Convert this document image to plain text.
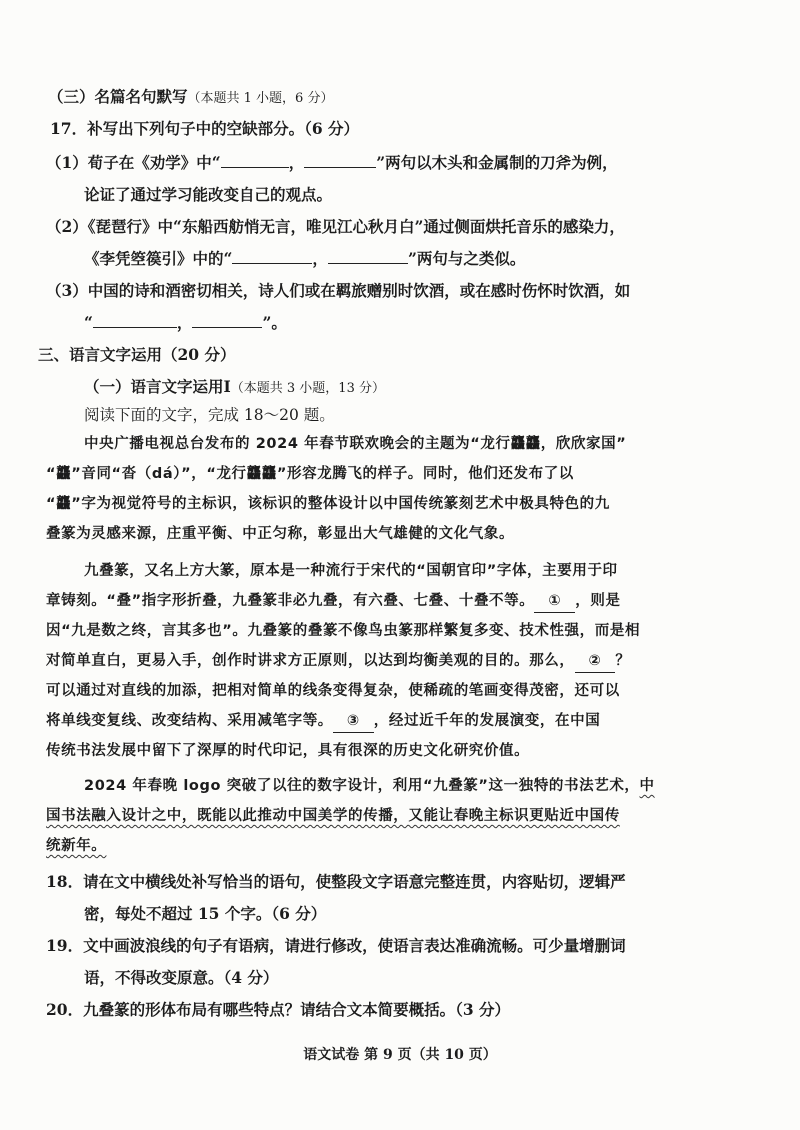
（三）名篇名句默写（本题共 1 小题，6 分）
17．补写出下列句子中的空缺部分。（6 分）
（1）荀子在《劝学》中“	，	”两句以木头和金属制的刀斧为例，
论证了通过学习能改变自己的观点。
（2）《琵琶行》中“东船西舫悄无言，唯见江心秋月白”通过侧面烘托音乐的感染力，
《李凭箜篌引》中的“	，	”两句与之类似。
（3）中国的诗和酒密切相关，诗人们或在羁旅赠别时饮酒，或在感时伤怀时饮酒，如
“	，	”。
三、语言文字运用（20 分）
（一）语言文字运用Ⅰ（本题共 3 小题，13 分）
阅读下面的文字，完成 18～20 题。
中央广播电视总台发布的 2024 年春节联欢晚会的主题为“龙行龘龘，欣欣家国”
“龘”音同“沓（dá）”，“龙行龘龘”形容龙腾飞的样子。同时，他们还发布了以
“龘”字为视觉符号的主标识，该标识的整体设计以中国传统篆刻艺术中极具特色的九
叠篆为灵感来源，庄重平衡、中正匀称，彰显出大气雄健的文化气象。
九叠篆，又名上方大篆，原本是一种流行于宋代的“国朝官印”字体，主要用于印
章铸刻。“叠”指字形折叠，九叠篆非必九叠，有六叠、七叠、十叠不等。 ① ，则是
因“九是数之终，言其多也”。九叠篆的叠篆不像鸟虫篆那样繁复多变、技术性强，而是相
对简单直白，更易入手，创作时讲求方正原则，以达到均衡美观的目的。那么， ② ？
可以通过对直线的加添，把相对简单的线条变得复杂，使稀疏的笔画变得茂密，还可以
将单线变复线、改变结构、采用减笔字等。 ③ ，经过近千年的发展演变，在中国
传统书法发展中留下了深厚的时代印记，具有很深的历史文化研究价值。
2024 年春晚 logo 突破了以往的数字设计，利用“九叠篆”这一独特的书法艺术，中
国书法融入设计之中，既能以此推动中国美学的传播，又能让春晚主标识更贴近中国传
统新年。
18．请在文中横线处补写恰当的语句，使整段文字语意完整连贯，内容贴切，逻辑严
密，每处不超过 15 个字。（6 分）
19．文中画波浪线的句子有语病，请进行修改，使语言表达准确流畅。可少量增删词
语，不得改变原意。（4 分）
20．九叠篆的形体布局有哪些特点？请结合文本简要概括。（3 分）
语文试卷 第 9 页（共 10 页）
